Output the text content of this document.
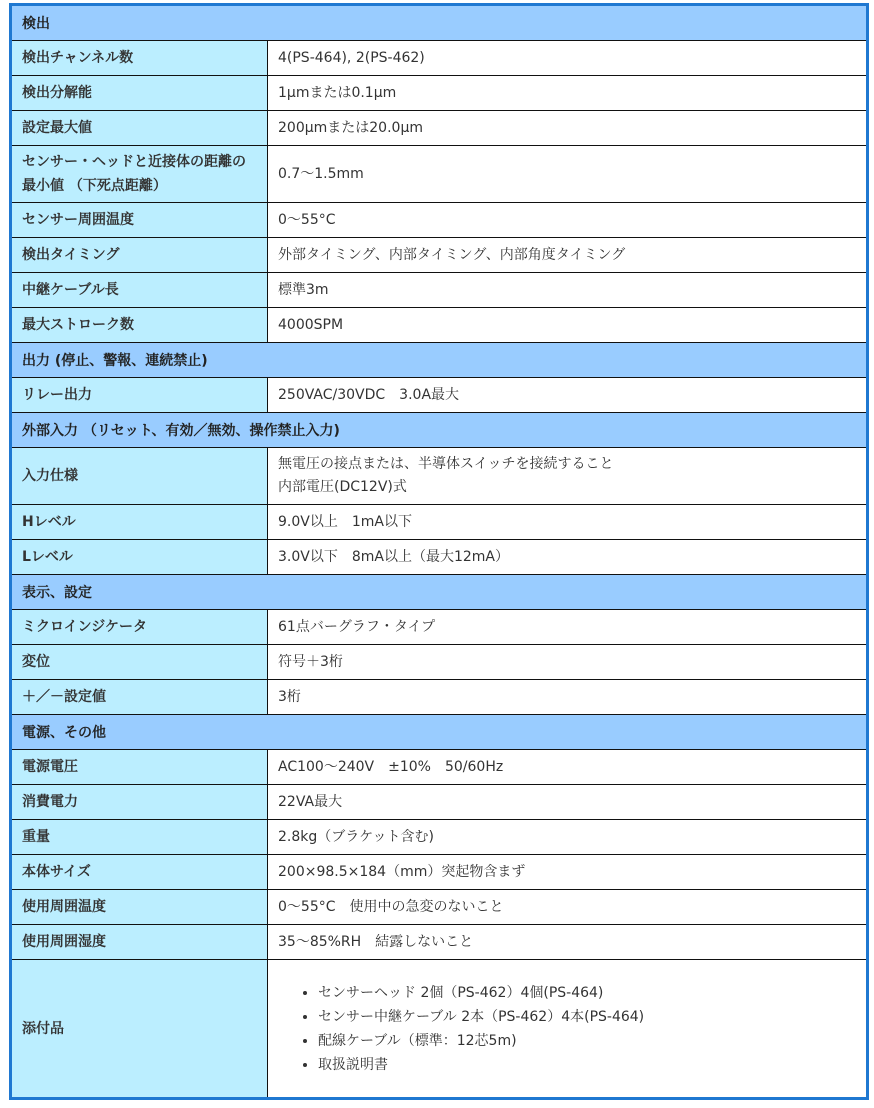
検出	
検出チャンネル数	4(PS-464), 2(PS-462)
検出分解能	1μmまたは0.1μm
設定最大値	200μmまたは20.0μm
センサー・ヘッドと近接体の距離の最小値 （下死点距離）	0.7〜1.5mm
センサー周囲温度	0〜55°C
検出タイミング	外部タイミング、内部タイミング、内部角度タイミング
中継ケーブル長	標準3m
最大ストローク数	4000SPM
出力 (停止、警報、連続禁止)	
リレー出力	250VAC/30VDC　3.0A最大
外部入力 （リセット、有効／無効、操作禁止入力)	
入力仕様	無電圧の接点または、半導体スイッチを接続すること
内部電圧(DC12V)式

Hレベル	9.0V以上　1mA以下
Lレベル	3.0V以下　8mA以上（最大12mA）
表示、設定	
ミクロインジケータ	61点バーグラフ・タイプ
変位	符号＋3桁
＋／－設定値	3桁
電源、その他	
電源電圧	AC100〜240V　±10%　50/60Hz
消費電力	22VA最大
重量	2.8kg（ブラケット含む)
本体サイズ	200×98.5×184（mm）突起物含まず
使用周囲温度	0〜55°C　使用中の急変のないこと
使用周囲湿度	35〜85%RH　結露しないこと
添付品	
• センサーヘッド 2個（PS-462）4個(PS-464)
• センサー中継ケーブル 2本（PS-462）4本(PS-464)
• 配線ケーブル（標準：12芯5m)
• 取扱説明書
